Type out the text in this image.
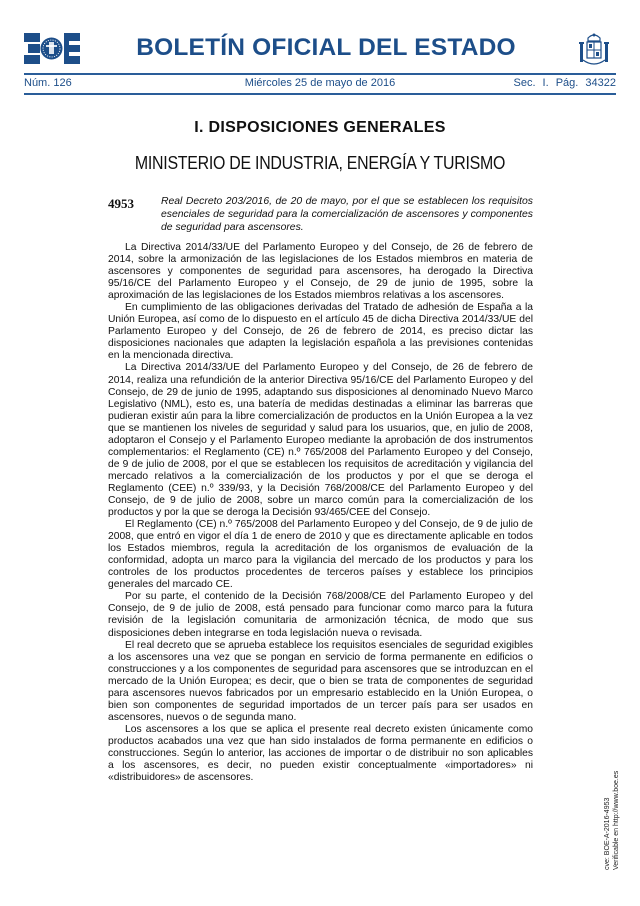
BOLETÍN OFICIAL DEL ESTADO
Núm. 126	Miércoles 25 de mayo de 2016	Sec. I. Pág. 34322
I. DISPOSICIONES GENERALES
MINISTERIO DE INDUSTRIA, ENERGÍA Y TURISMO
4953	Real Decreto 203/2016, de 20 de mayo, por el que se establecen los requisitos esenciales de seguridad para la comercialización de ascensores y componentes de seguridad para ascensores.

La Directiva 2014/33/UE del Parlamento Europeo y del Consejo, de 26 de febrero de 2014, sobre la armonización de las legislaciones de los Estados miembros en materia de ascensores y componentes de seguridad para ascensores, ha derogado la Directiva 95/16/CE del Parlamento Europeo y el Consejo, de 29 de junio de 1995, sobre la aproximación de las legislaciones de los Estados miembros relativas a los ascensores.

En cumplimiento de las obligaciones derivadas del Tratado de adhesión de España a la Unión Europea, así como de lo dispuesto en el artículo 45 de dicha Directiva 2014/33/UE del Parlamento Europeo y del Consejo, de 26 de febrero de 2014, es preciso dictar las disposiciones nacionales que adapten la legislación española a las previsiones contenidas en la mencionada directiva.

La Directiva 2014/33/UE del Parlamento Europeo y del Consejo, de 26 de febrero de 2014, realiza una refundición de la anterior Directiva 95/16/CE del Parlamento Europeo y del Consejo, de 29 de junio de 1995, adaptando sus disposiciones al denominado Nuevo Marco Legislativo (NML), esto es, una batería de medidas destinadas a eliminar las barreras que pudieran existir aún para la libre comercialización de productos en la Unión Europea a la vez que se mantienen los niveles de seguridad y salud para los usuarios, que, en julio de 2008, adoptaron el Consejo y el Parlamento Europeo mediante la aprobación de dos instrumentos complementarios: el Reglamento (CE) n.º 765/2008 del Parlamento Europeo y del Consejo, de 9 de julio de 2008, por el que se establecen los requisitos de acreditación y vigilancia del mercado relativos a la comercialización de los productos y por el que se deroga el Reglamento (CEE) n.º 339/93, y la Decisión 768/2008/CE del Parlamento Europeo y del Consejo, de 9 de julio de 2008, sobre un marco común para la comercialización de los productos y por la que se deroga la Decisión 93/465/CEE del Consejo.

El Reglamento (CE) n.º 765/2008 del Parlamento Europeo y del Consejo, de 9 de julio de 2008, que entró en vigor el día 1 de enero de 2010 y que es directamente aplicable en todos los Estados miembros, regula la acreditación de los organismos de evaluación de la conformidad, adopta un marco para la vigilancia del mercado de los productos y para los controles de los productos procedentes de terceros países y establece los principios generales del marcado CE.

Por su parte, el contenido de la Decisión 768/2008/CE del Parlamento Europeo y del Consejo, de 9 de julio de 2008, está pensado para funcionar como marco para la futura revisión de la legislación comunitaria de armonización técnica, de modo que sus disposiciones deben integrarse en toda legislación nueva o revisada.

El real decreto que se aprueba establece los requisitos esenciales de seguridad exigibles a los ascensores una vez que se pongan en servicio de forma permanente en edificios o construcciones y a los componentes de seguridad para ascensores que se introduzcan en el mercado de la Unión Europea; es decir, que o bien se trata de componentes de seguridad para ascensores nuevos fabricados por un empresario establecido en la Unión Europea, o bien son componentes de seguridad importados de un tercer país para ser usados en ascensores, nuevos o de segunda mano.

Los ascensores a los que se aplica el presente real decreto existen únicamente como productos acabados una vez que han sido instalados de forma permanente en edificios o construcciones. Según lo anterior, las acciones de importar o de distribuir no son aplicables a los ascensores, es decir, no pueden existir conceptualmente «importadores» ni «distribuidores» de ascensores.

cve: BOE-A-2016-4953 Verificable en http://www.boe.es
